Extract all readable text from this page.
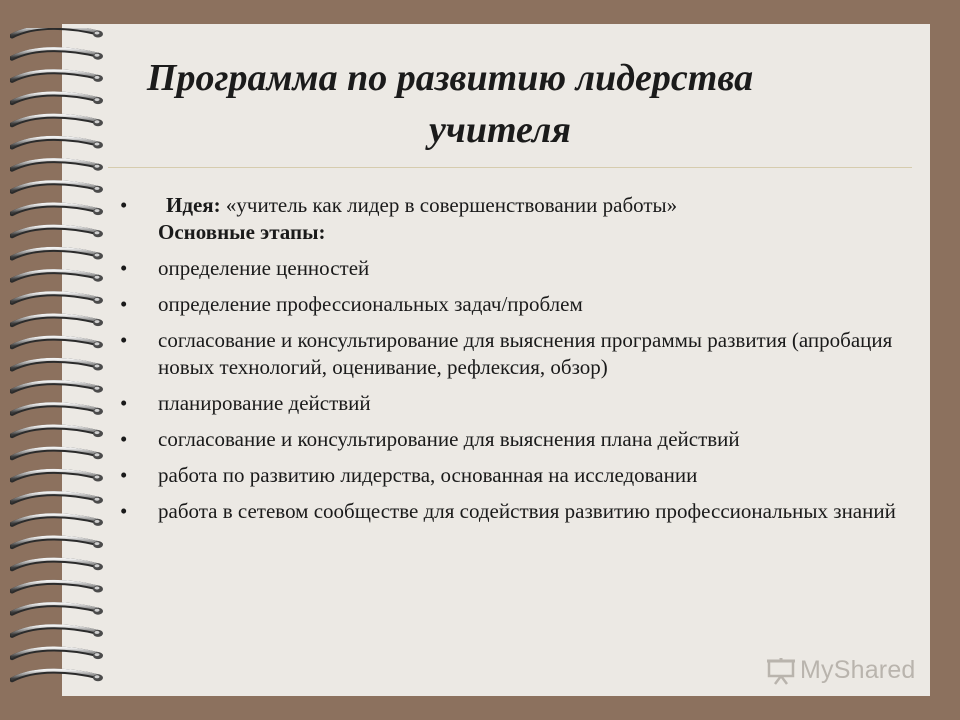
Программа по развитию лидерства
учителя
•	Идея: «учитель как лидер в совершенствовании работы»
Основные этапы:
• определение ценностей
• определение профессиональных задач/проблем
• согласование и консультирование для выяснения программы развития (апробация новых технологий, оценивание, рефлексия, обзор)
• планирование действий
• согласование и консультирование для выяснения плана действий
• работа по развитию лидерства, основанная на исследовании
• работа в сетевом сообществе для содействия развитию профессиональных знаний
MyShared
